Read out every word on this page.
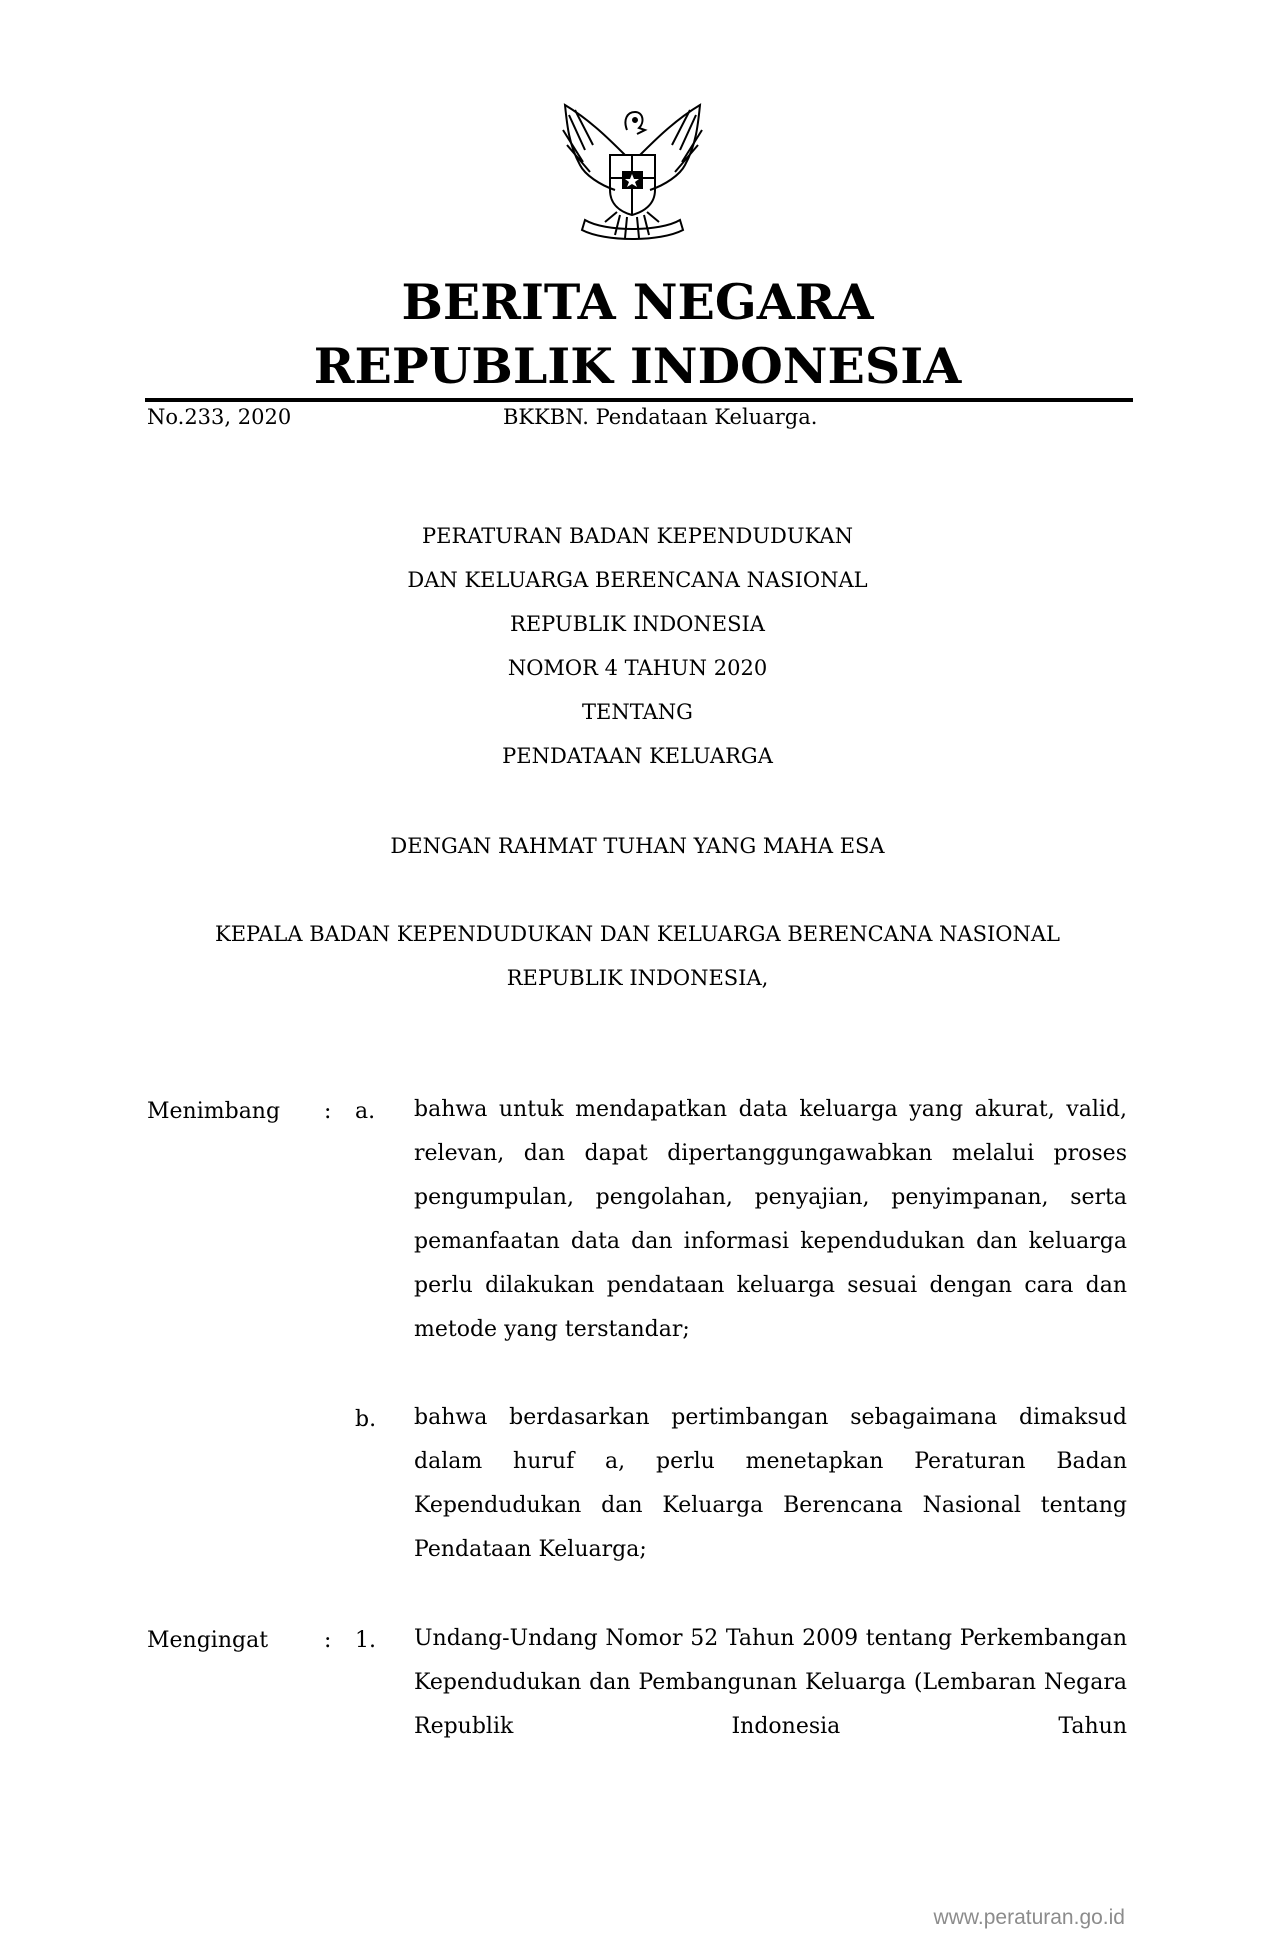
BERITA NEGARA
REPUBLIK INDONESIA
No.233, 2020	BKKBN. Pendataan Keluarga.
PERATURAN BADAN KEPENDUDUKAN
DAN KELUARGA BERENCANA NASIONAL
REPUBLIK INDONESIA
NOMOR 4 TAHUN 2020
TENTANG
PENDATAAN KELUARGA
DENGAN RAHMAT TUHAN YANG MAHA ESA
KEPALA BADAN KEPENDUDUKAN DAN KELUARGA BERENCANA NASIONAL
REPUBLIK INDONESIA,
Menimbang : a. bahwa untuk mendapatkan data keluarga yang akurat, valid, relevan, dan dapat dipertanggungawabkan melalui proses pengumpulan, pengolahan, penyajian, penyimpanan, serta pemanfaatan data dan informasi kependudukan dan keluarga perlu dilakukan pendataan keluarga sesuai dengan cara dan metode yang terstandar;
b. bahwa berdasarkan pertimbangan sebagaimana dimaksud dalam huruf a, perlu menetapkan Peraturan Badan Kependudukan dan Keluarga Berencana Nasional tentang Pendataan Keluarga;
Mengingat	: 1. Undang-Undang Nomor 52 Tahun 2009 tentang Perkembangan Kependudukan dan Pembangunan Keluarga (Lembaran Negara Republik Indonesia Tahun
www.peraturan.go.id
